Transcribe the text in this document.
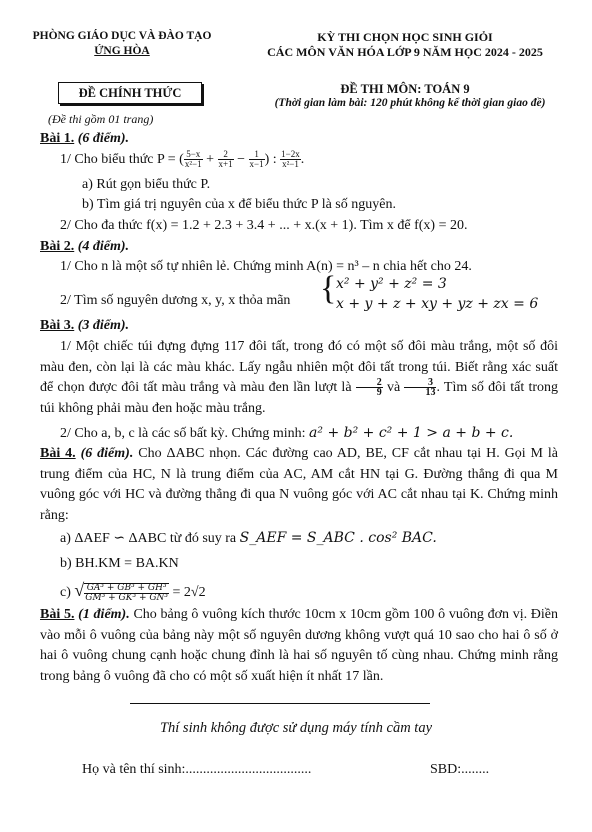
PHÒNG GIÁO DỤC VÀ ĐÀO TẠO
ỨNG HÒA
KỲ THI CHỌN HỌC SINH GIỎI
CÁC MÔN VĂN HÓA LỚP 9 NĂM HỌC 2024 - 2025
ĐỀ CHÍNH THỨC
(Đề thi gồm 01 trang)
ĐỀ THI MÔN: TOÁN 9
(Thời gian làm bài: 120 phút không kể thời gian giao đề)
Bài 1. (6 điểm).
1/ Cho biểu thức P = ( $\frac{5-x}{\text{x²−1}} + \frac{2}{x+1} - \frac{1}{x-1}$ ) : $\frac{1-2x}{\text{x²−1}}$ .
a) Rút gọn biểu thức P.
b) Tìm giá trị nguyên của x để biểu thức P là số nguyên.
2/ Cho đa thức f(x) = 1.2 + 2.3 + 3.4 + ... + x.(x + 1). Tìm x để f(x) = 20.
Bài 2. (4 điểm).
1/ Cho n là một số tự nhiên lẻ. Chứng minh A(n) = n³ – n chia hết cho 24.
2/ Tìm số nguyên dương x, y, x thỏa mãn { x² + y² + z² = 3
x + y + z + xy + yz + zx = 6
Bài 3. (3 điểm).
1/ Một chiếc túi đựng đựng 117 đôi tất, trong đó có một số đôi màu trắng, một số đôi màu đen, còn lại là các màu khác. Lấy ngẫu nhiên một đôi tất trong túi. Biết rằng xác suất để chọn được đôi tất màu trắng và màu đen lần lượt là $\frac{2}{9}$ và $\frac{3}{13}$ . Tìm số đôi tất trong túi không phải màu đen hoặc màu trắng.
2/ Cho a, b, c là các số bất kỳ. Chứng minh: a² + b² + c² + 1 > a + b + c.
Bài 4. (6 điểm). Cho ΔABC nhọn. Các đường cao AD, BE, CF cắt nhau tại H. Gọi M là trung điểm của HC, N là trung điểm của AC, AM cắt HN tại G. Đường thẳng đi qua M vuông góc với HC và đường thẳng đi qua N vuông góc với AC cắt nhau tại K. Chứng minh rằng:
a) ΔAEF ∽ ΔABC từ đó suy ra S_AEF = S_ABC . cos² BAC.
b) BH.KM = BA.KN
c) √ $\frac{\text{GA³ + GB³ + GH³}}{\text{GM³ + GK³ + GN³}} = 2√2$
Bài 5. (1 điểm). Cho bảng ô vuông kích thước 10cm x 10cm gồm 100 ô vuông đơn vị. Điền vào mỗi ô vuông của bảng này một số nguyên dương không vượt quá 10 sao cho hai ô số ở hai ô vuông chung cạnh hoặc chung đỉnh là hai số nguyên tố cùng nhau. Chứng minh rằng trong bảng ô vuông đã cho có một số xuất hiện ít nhất 17 lần.
Thí sinh không được sử dụng máy tính cầm tay
Họ và tên thí sinh:....................................	SBD:........
